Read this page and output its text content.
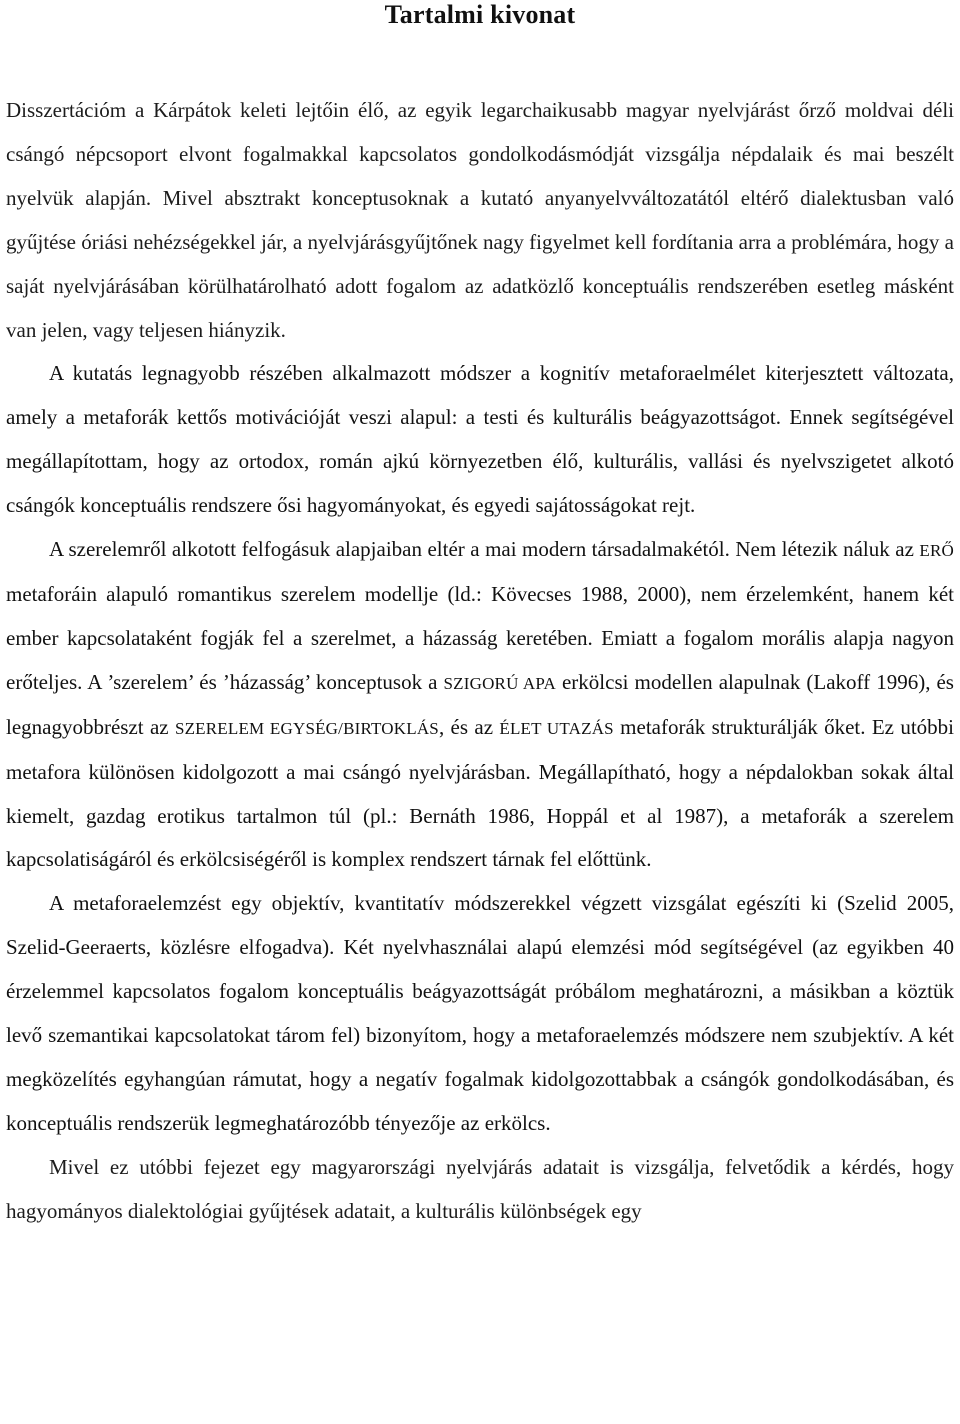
Tartalmi kivonat

Disszertációm a Kárpátok keleti lejtőin élő, az egyik legarchaikusabb magyar nyelvjárást őrző moldvai déli csángó népcsoport elvont fogalmakkal kapcsolatos gondolkodásmódját vizsgálja népdalaik és mai beszélt nyelvük alapján. Mivel absztrakt konceptusoknak a kutató anyanyelvváltozatától eltérő dialektusban való gyűjtése óriási nehézségekkel jár, a nyelvjárásgyűjtőnek nagy figyelmet kell fordítania arra a problémára, hogy a saját nyelvjárásában körülhatárolható adott fogalom az adatközlő konceptuális rendszerében esetleg másként van jelen, vagy teljesen hiányzik.

A kutatás legnagyobb részében alkalmazott módszer a kognitív metaforaelmélet kiterjesztett változata, amely a metaforák kettős motivációját veszi alapul: a testi és kulturális beágyazottságot. Ennek segítségével megállapítottam, hogy az ortodox, román ajkú környezetben élő, kulturális, vallási és nyelvszigetet alkotó csángók konceptuális rendszere ősi hagyományokat, és egyedi sajátosságokat rejt.

A szerelemről alkotott felfogásuk alapjaiban eltér a mai modern társadalmakétól. Nem létezik náluk az ERŐ metaforáin alapuló romantikus szerelem modellje (ld.: Kövecses 1988, 2000), nem érzelemként, hanem két ember kapcsolataként fogják fel a szerelmet, a házasság keretében. Emiatt a fogalom morális alapja nagyon erőteljes. A ’szerelem’ és ’házasság’ konceptusok a SZIGORÚ APA erkölcsi modellen alapulnak (Lakoff 1996), és legnagyobbrészt az SZERELEM EGYSÉG/BIRTOKLÁS, és az ÉLET UTAZÁS metaforák strukturálják őket. Ez utóbbi metafora különösen kidolgozott a mai csángó nyelvjárásban. Megállapítható, hogy a népdalokban sokak által kiemelt, gazdag erotikus tartalmon túl (pl.: Bernáth 1986, Hoppál et al 1987), a metaforák a szerelem kapcsolatiságáról és erkölcsiségéről is komplex rendszert tárnak fel előttünk.

A metaforaelemzést egy objektív, kvantitatív módszerekkel végzett vizsgálat egészíti ki (Szelid 2005, Szelid-Geeraerts, közlésre elfogadva). Két nyelvhasználai alapú elemzési mód segítségével (az egyikben 40 érzelemmel kapcsolatos fogalom konceptuális beágyazottságát próbálom meghatározni, a másikban a köztük levő szemantikai kapcsolatokat tárom fel) bizonyítom, hogy a metaforaelemzés módszere nem szubjektív. A két megközelítés egyhangúan rámutat, hogy a negatív fogalmak kidolgozottabbak a csángók gondolkodásában, és konceptuális rendszerük legmeghatározóbb tényezője az erkölcs.

Mivel ez utóbbi fejezet egy magyarországi nyelvjárás adatait is vizsgálja, felvetődik a kérdés, hogy hagyományos dialektológiai gyűjtések adatait, a kulturális különbségek egy
